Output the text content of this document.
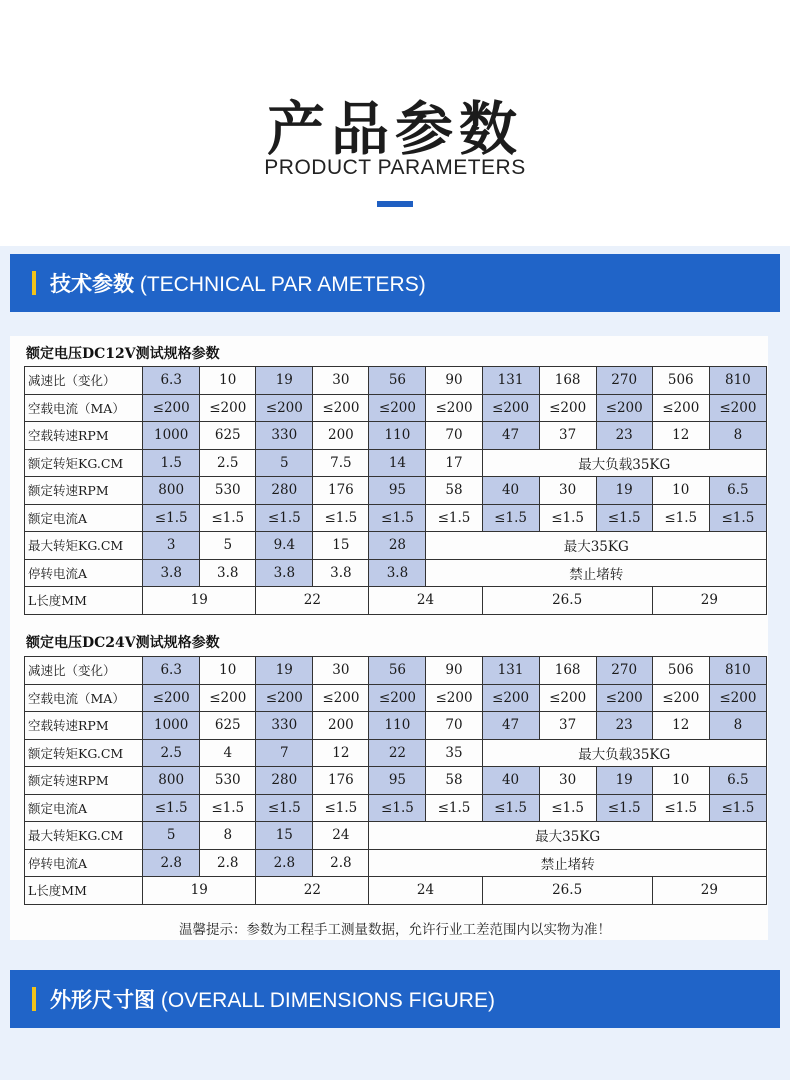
产品参数
PRODUCT PARAMETERS
技术参数 (TECHNICAL PAR AMETERS)
额定电压DC12V测试规格参数
减速比（变化）	6.3	10	19	30	56	90	131	168	270	506	810
空载电流（MA）	≤200	≤200	≤200	≤200	≤200	≤200	≤200	≤200	≤200	≤200	≤200
空载转速RPM	1000	625	330	200	110	70	47	37	23	12	8
额定转矩KG.CM	1.5	2.5	5	7.5	14	17	最大负载35KG				
额定转速RPM	800	530	280	176	95	58	40	30	19	10	6.5
额定电流A	≤1.5	≤1.5	≤1.5	≤1.5	≤1.5	≤1.5	≤1.5	≤1.5	≤1.5	≤1.5	≤1.5
最大转矩KG.CM	3	5	9.4	15	28	最大35KG					
停转电流A	3.8	3.8	3.8	3.8	3.8	禁止堵转					
L长度MM	19		22		24		26.5			29	
额定电压DC24V测试规格参数
减速比（变化）	6.3	10	19	30	56	90	131	168	270	506	810
空载电流（MA）	≤200	≤200	≤200	≤200	≤200	≤200	≤200	≤200	≤200	≤200	≤200
空载转速RPM	1000	625	330	200	110	70	47	37	23	12	8
额定转矩KG.CM	2.5	4	7	12	22	35	最大负载35KG				
额定转速RPM	800	530	280	176	95	58	40	30	19	10	6.5
额定电流A	≤1.5	≤1.5	≤1.5	≤1.5	≤1.5	≤1.5	≤1.5	≤1.5	≤1.5	≤1.5	≤1.5
最大转矩KG.CM	5	8	15	24	最大35KG						
停转电流A	2.8	2.8	2.8	2.8	禁止堵转						
L长度MM	19		22		24		26.5			29	
温馨提示：参数为工程手工测量数据，允许行业工差范围内以实物为准！
外形尺寸图 (OVERALL DIMENSIONS FIGURE)
